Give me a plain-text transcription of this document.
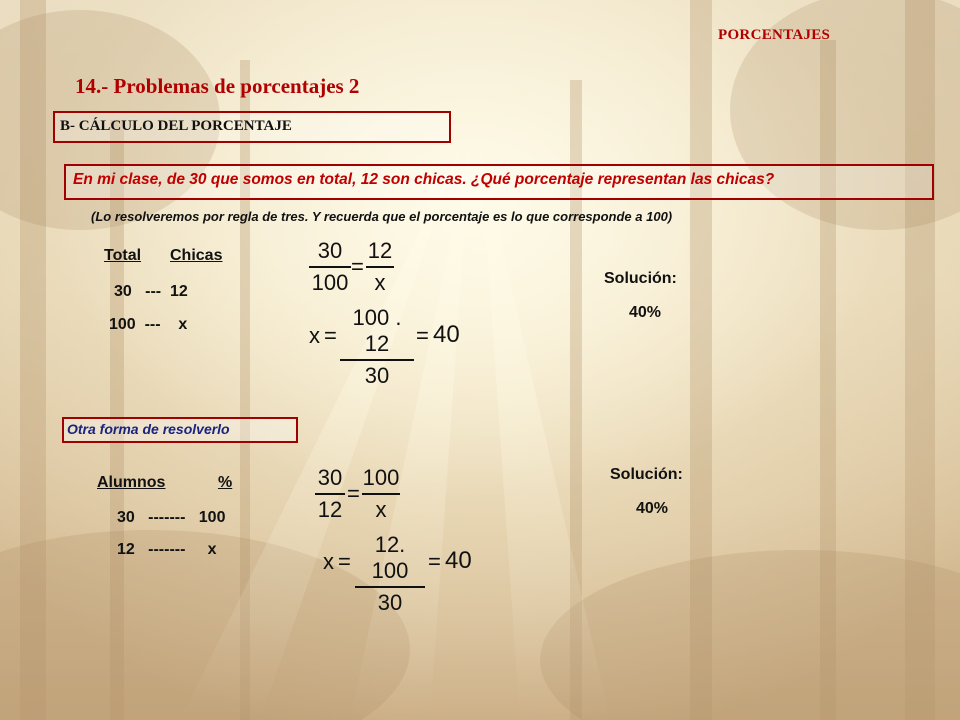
PORCENTAJES
14.- Problemas de porcentajes 2
B- CÁLCULO DEL PORCENTAJE
En mi clase, de 30 que somos en total, 12 son chicas. ¿Qué porcentaje representan las chicas?
(Lo resolveremos por regla de tres. Y recuerda que el porcentaje es lo que corresponde a 100)
Total Chicas
30   ---  12
100  ---    x
30
100
=
12
x
x =
100 . 12
30
= 40
Solución:
40%
Otra forma de resolverlo
Alumnos	%
30   -------   100
12   -------     x
30
12
=
100
x
x =
12. 100
30
= 40
Solución:
40%
